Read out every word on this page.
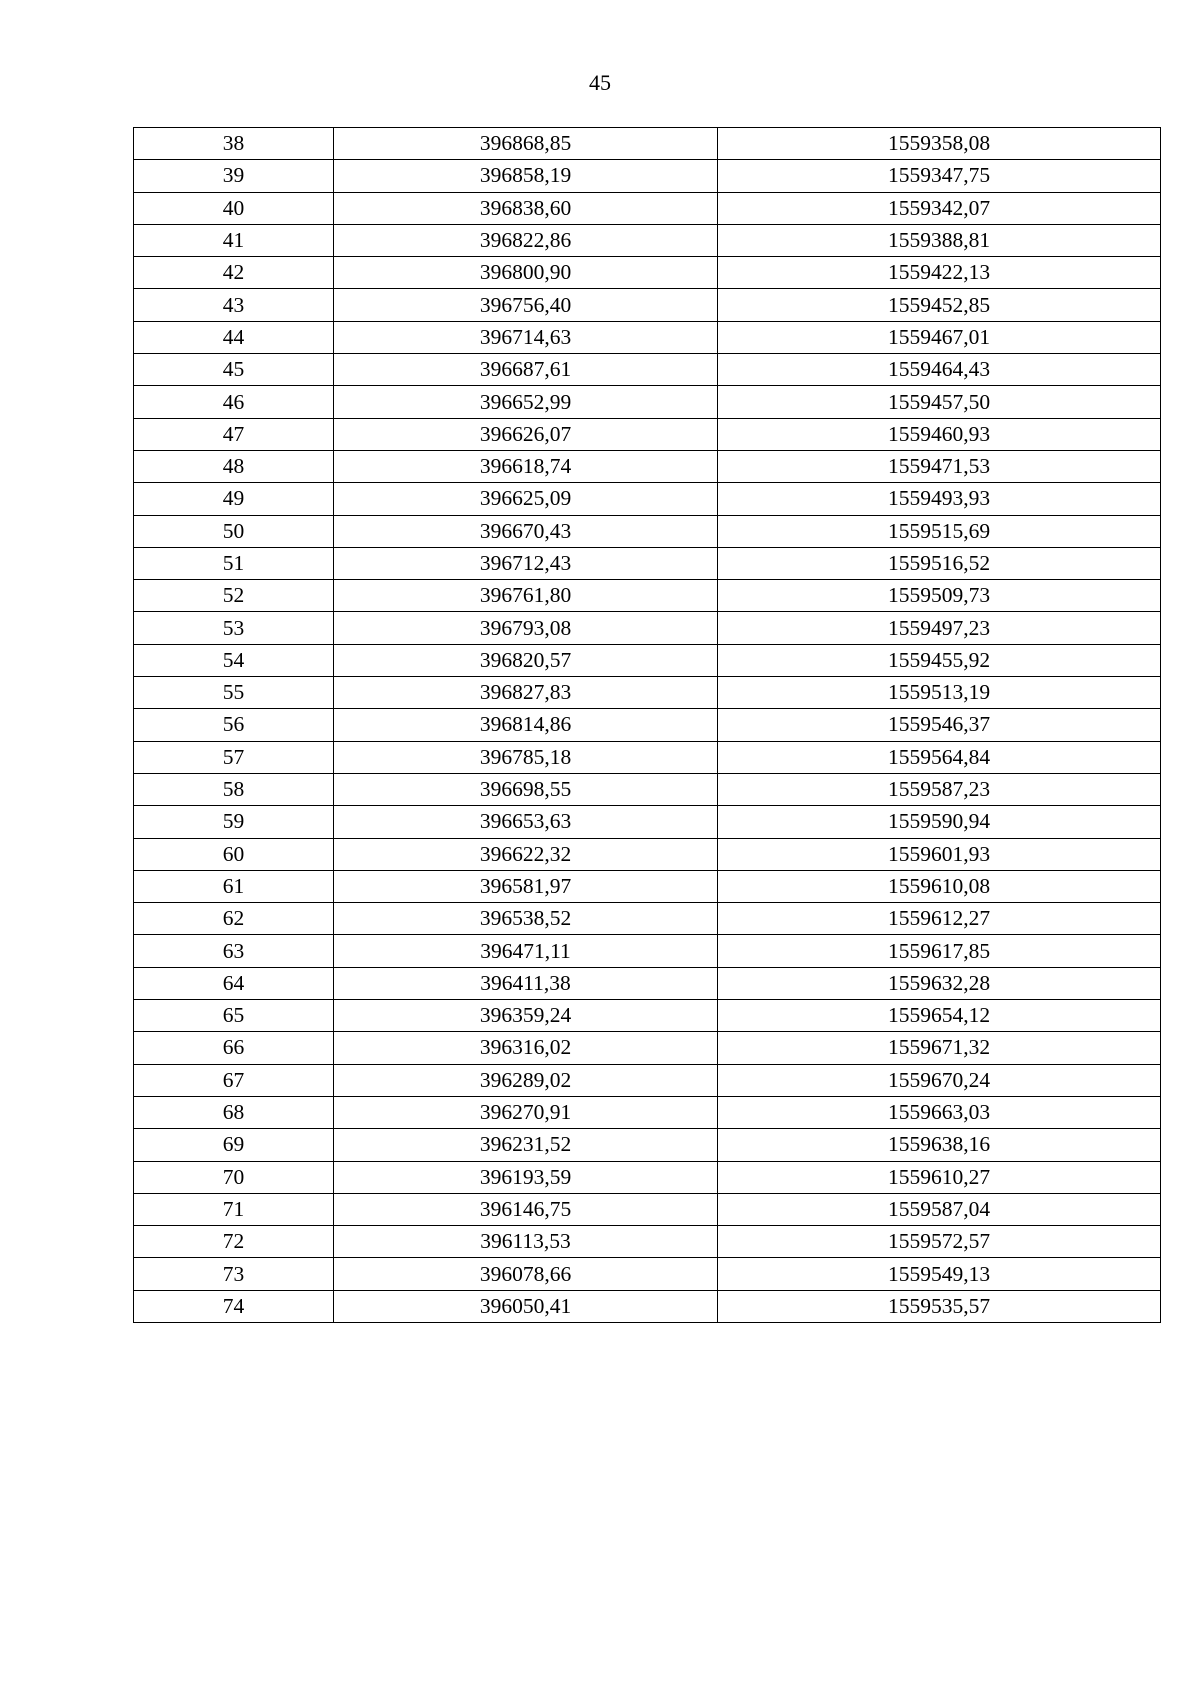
45
38	396868,85	1559358,08
39	396858,19	1559347,75
40	396838,60	1559342,07
41	396822,86	1559388,81
42	396800,90	1559422,13
43	396756,40	1559452,85
44	396714,63	1559467,01
45	396687,61	1559464,43
46	396652,99	1559457,50
47	396626,07	1559460,93
48	396618,74	1559471,53
49	396625,09	1559493,93
50	396670,43	1559515,69
51	396712,43	1559516,52
52	396761,80	1559509,73
53	396793,08	1559497,23
54	396820,57	1559455,92
55	396827,83	1559513,19
56	396814,86	1559546,37
57	396785,18	1559564,84
58	396698,55	1559587,23
59	396653,63	1559590,94
60	396622,32	1559601,93
61	396581,97	1559610,08
62	396538,52	1559612,27
63	396471,11	1559617,85
64	396411,38	1559632,28
65	396359,24	1559654,12
66	396316,02	1559671,32
67	396289,02	1559670,24
68	396270,91	1559663,03
69	396231,52	1559638,16
70	396193,59	1559610,27
71	396146,75	1559587,04
72	396113,53	1559572,57
73	396078,66	1559549,13
74	396050,41	1559535,57
